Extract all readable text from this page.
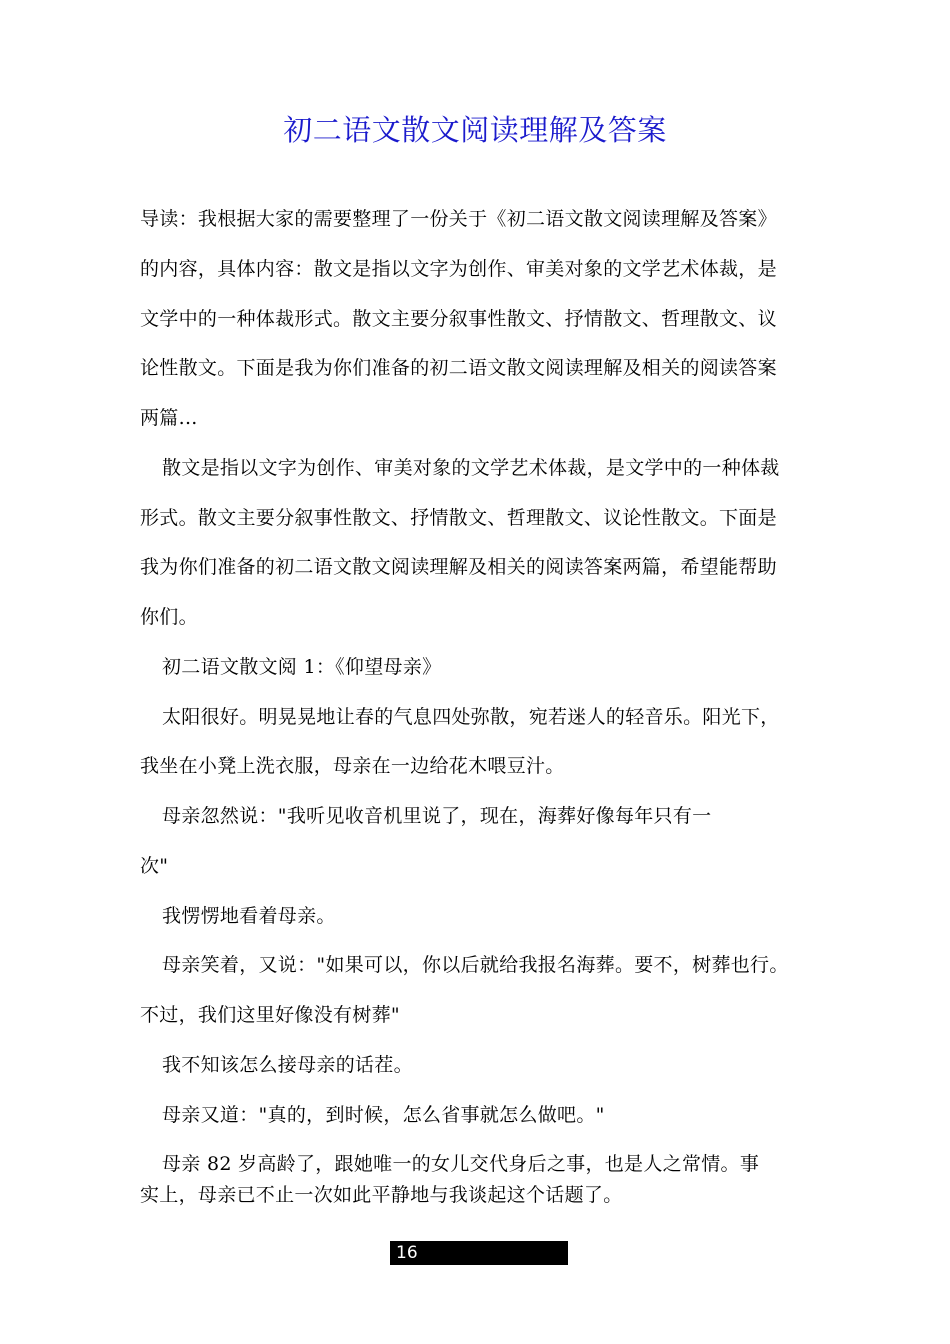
初二语文散文阅读理解及答案
导读：我根据大家的需要整理了一份关于《初二语文散文阅读理解及答案》
的内容，具体内容：散文是指以文字为创作、审美对象的文学艺术体裁，是
文学中的一种体裁形式。散文主要分叙事性散文、抒情散文、哲理散文、议
论性散文。下面是我为你们准备的初二语文散文阅读理解及相关的阅读答案
两篇...
散文是指以文字为创作、审美对象的文学艺术体裁，是文学中的一种体裁
形式。散文主要分叙事性散文、抒情散文、哲理散文、议论性散文。下面是
我为你们准备的初二语文散文阅读理解及相关的阅读答案两篇，希望能帮助
你们。
初二语文散文阅 1：《仰望母亲》
太阳很好。明晃晃地让春的气息四处弥散，宛若迷人的轻音乐。阳光下，
我坐在小凳上洗衣服，母亲在一边给花木喂豆汁。
母亲忽然说："我听见收音机里说了，现在，海葬好像每年只有一
次"
我愣愣地看着母亲。
母亲笑着，又说："如果可以，你以后就给我报名海葬。要不，树葬也行。
不过，我们这里好像没有树葬"
我不知该怎么接母亲的话茬。
母亲又道："真的，到时候，怎么省事就怎么做吧。"
母亲 82 岁高龄了，跟她唯一的女儿交代身后之事，也是人之常情。事
实上，母亲已不止一次如此平静地与我谈起这个话题了。
16
